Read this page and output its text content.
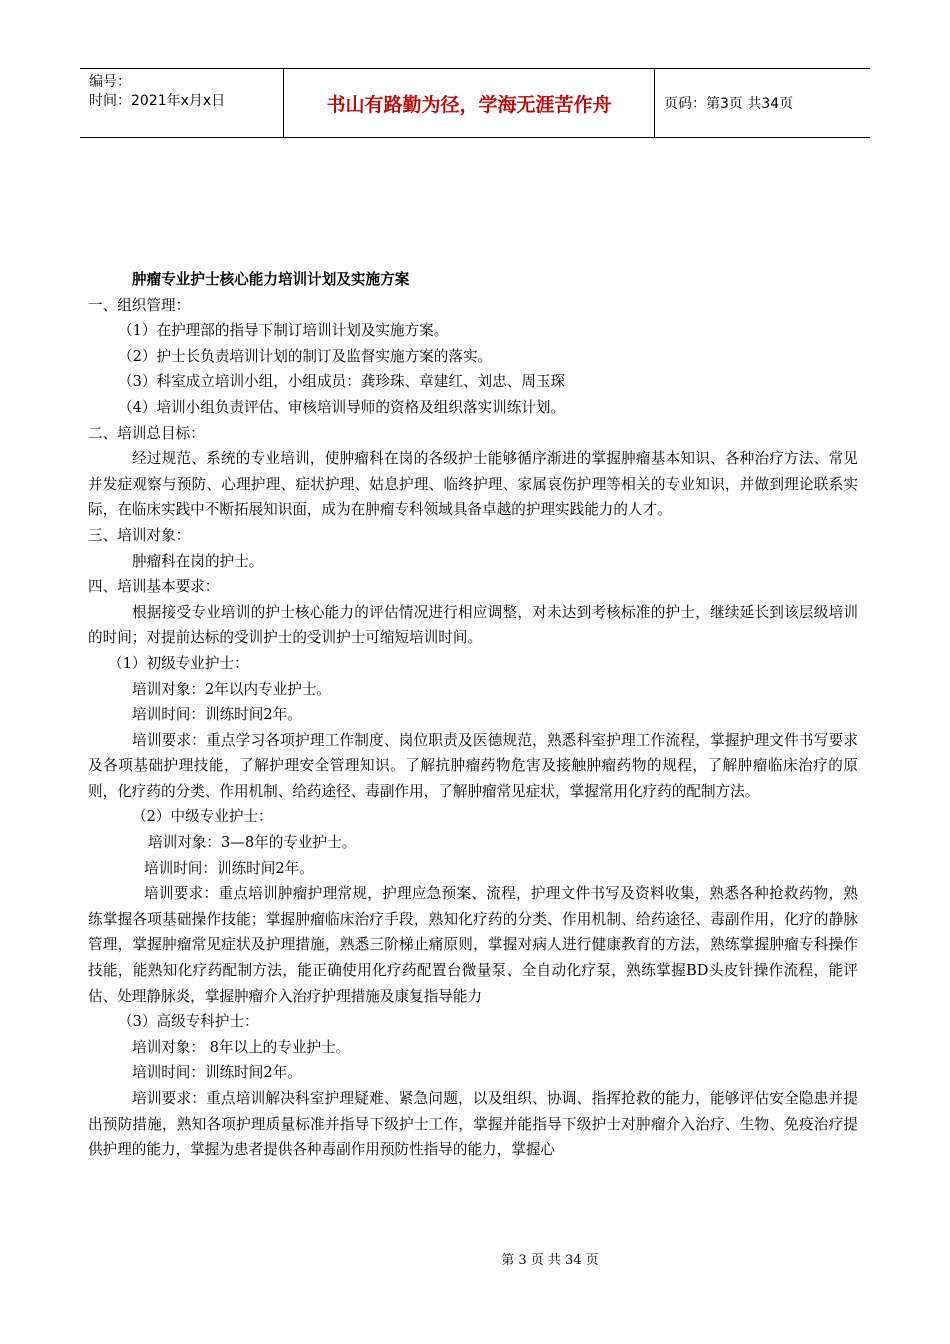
编号：
时间：2021年x月x日	书山有路勤为径，学海无涯苦作舟	页码：第3页 共34页

肿瘤专业护士核心能力培训计划及实施方案

一、组织管理：

（1）在护理部的指导下制订培训计划及实施方案。

（2）护士长负责培训计划的制订及监督实施方案的落实。

（3）科室成立培训小组，小组成员：龚珍珠、章建红、刘忠、周玉琛

（4）培训小组负责评估、审核培训导师的资格及组织落实训练计划。

二、培训总目标：

经过规范、系统的专业培训，使肿瘤科在岗的各级护士能够循序渐进的掌握肿瘤基本知识、各种治疗方法、常见并发症观察与预防、心理护理、症状护理、姑息护理、临终护理、家属哀伤护理等相关的专业知识，并做到理论联系实际，在临床实践中不断拓展知识面，成为在肿瘤专科领域具备卓越的护理实践能力的人才。

三、培训对象：

肿瘤科在岗的护士。

四、培训基本要求：

根据接受专业培训的护士核心能力的评估情况进行相应调整，对未达到考核标准的护士，继续延长到该层级培训的时间；对提前达标的受训护士的受训护士可缩短培训时间。

（1）初级专业护士：

培训对象：2年以内专业护士。

培训时间：训练时间2年。

培训要求：重点学习各项护理工作制度、岗位职责及医德规范，熟悉科室护理工作流程，掌握护理文件书写要求及各项基础护理技能，了解护理安全管理知识。了解抗肿瘤药物危害及接触肿瘤药物的规程，了解肿瘤临床治疗的原则，化疗药的分类、作用机制、给药途径、毒副作用，了解肿瘤常见症状，掌握常用化疗药的配制方法。

（2）中级专业护士：

培训对象：3—8年的专业护士。

培训时间：训练时间2年。

培训要求：重点培训肿瘤护理常规，护理应急预案、流程，护理文件书写及资料收集，熟悉各种抢救药物，熟练掌握各项基础操作技能；掌握肿瘤临床治疗手段，熟知化疗药的分类、作用机制、给药途径、毒副作用，化疗的静脉管理，掌握肿瘤常见症状及护理措施，熟悉三阶梯止痛原则，掌握对病人进行健康教育的方法，熟练掌握肿瘤专科操作技能，能熟知化疗药配制方法，能正确使用化疗药配置台微量泵、全自动化疗泵，熟练掌握BD头皮针操作流程，能评估、处理静脉炎，掌握肿瘤介入治疗护理措施及康复指导能力

（3）高级专科护士：

培训对象： 8年以上的专业护士。

培训时间：训练时间2年。

培训要求：重点培训解决科室护理疑难、紧急问题，以及组织、协调、指挥抢救的能力，能够评估安全隐患并提出预防措施，熟知各项护理质量标准并指导下级护士工作，掌握并能指导下级护士对肿瘤介入治疗、生物、免疫治疗提供护理的能力，掌握为患者提供各种毒副作用预防性指导的能力，掌握心

第 3 页 共 34 页
